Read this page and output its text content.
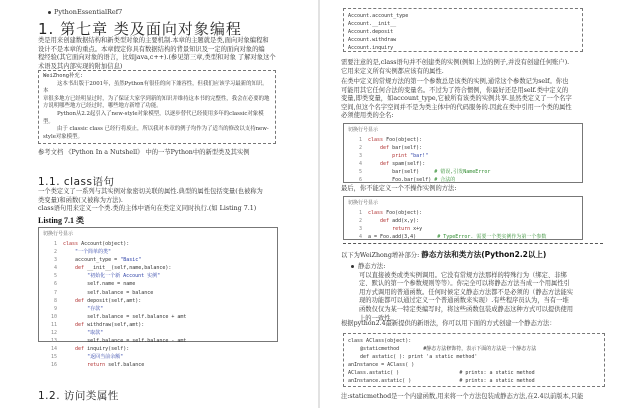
PythonEssentialRef7
1. 第七章 类及面向对象编程

类是用来创建数据结构和新类型对象的主要机制.本章的主题就是类,面向对象编程和

设计不是本章的重点。本章假定你具有数据结构的背景知识及一定的面向对象的编

程经验(其它面向对象的语言，比如java,c++).(参见第三章,类型和对象 了解对象这个

术语及其内部实现的附加信息)

WeiZhong补充:
这本书出版于2001年，虽然Python有很佳的向下兼容性，但我们应该学习最新的知识。本
章很多地方已经明显过时，为了保证大家学到新的知识并维持这本书的完整性，我会在必要的地
方说明哪些地方已经过时，哪些地方新增了功能。
Python从2.2起引入了new-style对象模型，以逐步替代已经使用多年的classic对象模型。
由于 classic class 已经行将废止，所以我对本章的例子均作为了适当的修改以支持new-style对象模型。
参考文档 《Python In a Nutshell》 中的一节Python中的新型类及其实例
1.1. class语句

一个类定义了一系列与其实例对象密切关联的属性.典型的属性包括变量(也被称为

类变量)和函数(又被称为方法).

class语句用来定义一个类.类的主体中语句在类定义同时执行.(如 Listing 7.1)

Listing 7.1 类
切换行号显示
1 class Account(object):
2    "一个简单的类"
3    account_type = "Basic"
4    def __init__(self,name,balance):
5        "初始化一个新 Account 实例"
6        self.name = name
7        self.balance = balance
8    def deposit(self,amt):
9        "存款"
10        self.balance = self.balance + amt
11    def withdraw(self,amt):
12        "取款"
13        self.balance = self.balance - amt
14    def inquiry(self):
15        "返回当前余额"
16        return self.balance
1.2. 访问类属性
Account.account_type
Account.__init__
Account.deposit
Account.withdraw
Account.inquiry

需要注意的是,class语句并不创建类的实例(例如上边的例子,并没有创建任何账户).

它用来定义所有实例都应该有的属性.

在类中定义的常规方法的第一个参数总是该类的实例,通常这个参数记为self。你也

可能用其它任何合法的变量名。不过为了符合惯例，你最好还是用self.类中定义的

变量,即类变量，如account_type,它被所有该类的实例共享.虽然类定义了一个名字

空间,但这个名字空间并不是为类主体中的代码服务的.因此在类中引用一个类的属性

必须使用类的全名:

切换行号显示
1 class Foo(object):
2    def bar(self):
3        print "bar!"
4    def spam(self):
5        bar(self)     # 错误,引发NameError
6        Foo.bar(self) # 合法的
最后，你不能定义一个不操作实例的方法:
切换行号显示
1 class Foo(object):
2    def add(x,y):
3        return x+y
4 a = Foo.add(3,4)       # TypeError. 需要一个类实例作为第一个参数
以下为WeiZhong增补部分: 静态方法和类方法(Python2.2以上)

静态方法:

可以直接被类或类实例调用。它没有常规方法那样的特殊行为（绑定、非绑

定、默认的第一个参数规则等等）。你完全可以将静态方法当成一个用属性引

用方式调用的普通函数。任何时候定义静态方法都不是必须的（静态方法能实

现的功能都可以通过定义一个普通函数来实现）.有些程序员认为，当有一堆

函数仅仅为某一特定类编写时，将这些函数包装成静态这种方式可以提供使用

上的一致性。

根据python2.4最新提供的新语法，你可以用下面的方式创建一个静态方法：
class AClass(object):
@staticmethod        #静态方法修饰符，表示下面的方法是一个静态方法
def astatic( ): print 'a static method'
anInstance = AClass( )
AClass.astatic( )                    # prints: a static method
anInstance.astatic( )                # prints: a static method
注:staticmethod是一个内建函数,用来将一个方法包装成静态方法,在2.4以前版本,只能
